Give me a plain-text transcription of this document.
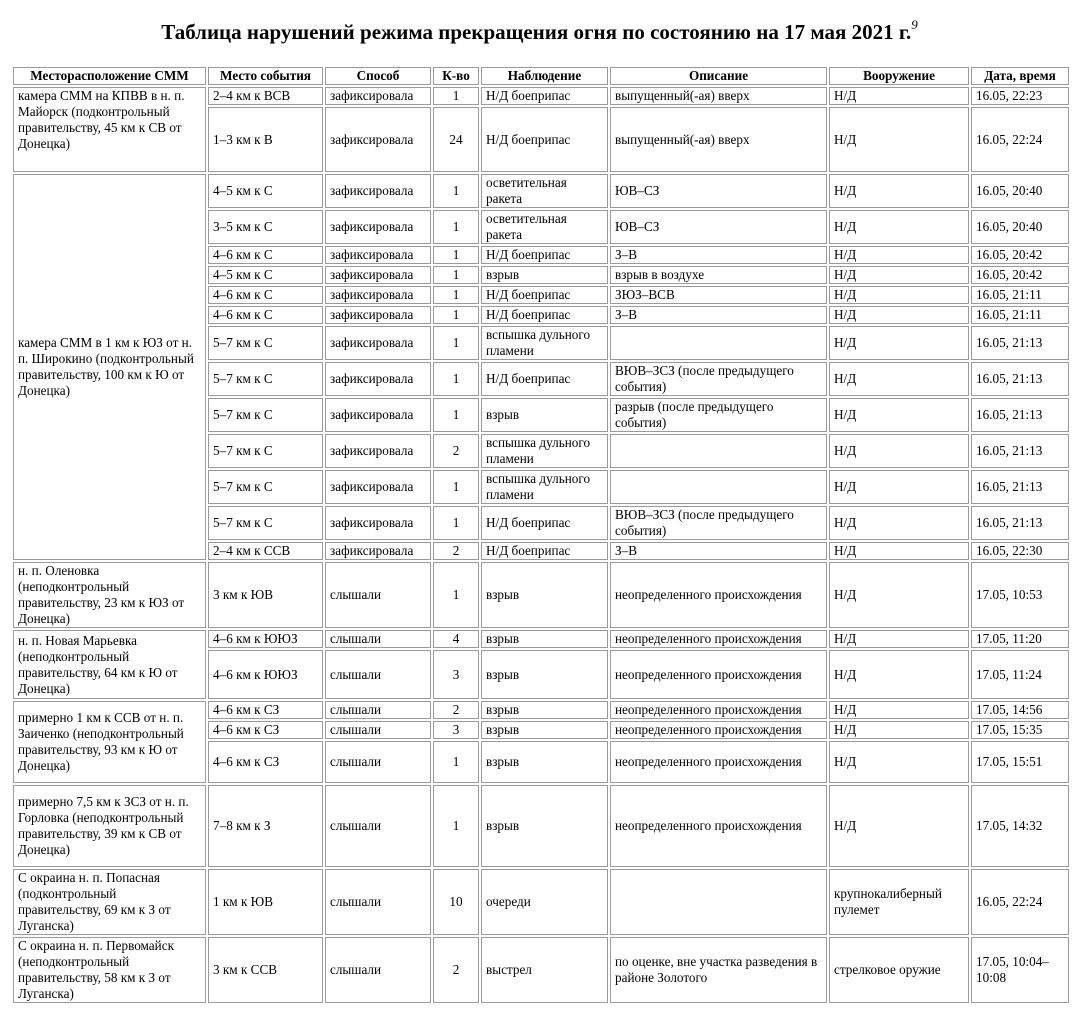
Таблица нарушений режима прекращения огня по состоянию на 17 мая 2021 г.$^9$
Месторасположение СММ	Место события	Способ	К-во	Наблюдение	Описание	Вооружение	Дата, время
камера СММ на КПВВ в н. п. Майорск (подконтрольный правительству, 45 км к СВ от Донецка)	2–4 км к ВСВ	зафиксировала	1	Н/Д боеприпас	выпущенный(-ая) вверх	Н/Д	16.05, 22:23
	1–3 км к В	зафиксировала	24	Н/Д боеприпас	выпущенный(-ая) вверх	Н/Д	16.05, 22:24
камера СММ в 1 км к ЮЗ от н. п. Широкино (подконтрольный правительству, 100 км к Ю от Донецка)	4–5 км к С	зафиксировала	1	осветительная ракета	ЮВ–СЗ	Н/Д	16.05, 20:40
	3–5 км к С	зафиксировала	1	осветительная ракета	ЮВ–СЗ	Н/Д	16.05, 20:40
	4–6 км к С	зафиксировала	1	Н/Д боеприпас	З–В	Н/Д	16.05, 20:42
	4–5 км к С	зафиксировала	1	взрыв	взрыв в воздухе	Н/Д	16.05, 20:42
	4–6 км к С	зафиксировала	1	Н/Д боеприпас	ЗЮЗ–ВСВ	Н/Д	16.05, 21:11
	4–6 км к С	зафиксировала	1	Н/Д боеприпас	З–В	Н/Д	16.05, 21:11
	5–7 км к С	зафиксировала	1	вспышка дульного пламени		Н/Д	16.05, 21:13
	5–7 км к С	зафиксировала	1	Н/Д боеприпас	ВЮВ–ЗСЗ (после предыдущего события)	Н/Д	16.05, 21:13
	5–7 км к С	зафиксировала	1	взрыв	разрыв (после предыдущего события)	Н/Д	16.05, 21:13
	5–7 км к С	зафиксировала	2	вспышка дульного пламени		Н/Д	16.05, 21:13
	5–7 км к С	зафиксировала	1	вспышка дульного пламени		Н/Д	16.05, 21:13
	5–7 км к С	зафиксировала	1	Н/Д боеприпас	ВЮВ–ЗСЗ (после предыдущего события)	Н/Д	16.05, 21:13
	2–4 км к ССВ	зафиксировала	2	Н/Д боеприпас	З–В	Н/Д	16.05, 22:30
н. п. Оленовка (неподконтрольный правительству, 23 км к ЮЗ от Донецка)	3 км к ЮВ	слышали	1	взрыв	неопределенного происхождения	Н/Д	17.05, 10:53
н. п. Новая Марьевка (неподконтрольный правительству, 64 км к Ю от Донецка)	4–6 км к ЮЮЗ	слышали	4	взрыв	неопределенного происхождения	Н/Д	17.05, 11:20
	4–6 км к ЮЮЗ	слышали	3	взрыв	неопределенного происхождения	Н/Д	17.05, 11:24
примерно 1 км к ССВ от н. п. Заиченко (неподконтрольный правительству, 93 км к Ю от Донецка)	4–6 км к СЗ	слышали	2	взрыв	неопределенного происхождения	Н/Д	17.05, 14:56
	4–6 км к СЗ	слышали	3	взрыв	неопределенного происхождения	Н/Д	17.05, 15:35
	4–6 км к СЗ	слышали	1	взрыв	неопределенного происхождения	Н/Д	17.05, 15:51
примерно 7,5 км к ЗСЗ от н. п. Горловка (неподконтрольный правительству, 39 км к СВ от Донецка)	7–8 км к З	слышали	1	взрыв	неопределенного происхождения	Н/Д	17.05, 14:32
С окраина н. п. Попасная (подконтрольный правительству, 69 км к З от Луганска)	1 км к ЮВ	слышали	10	очереди		крупнокалиберный пулемет	16.05, 22:24
С окраина н. п. Первомайск (неподконтрольный правительству, 58 км к З от Луганска)	3 км к ССВ	слышали	2	выстрел	по оценке, вне участка разведения в районе Золотого	стрелковое оружие	17.05, 10:04–10:08
